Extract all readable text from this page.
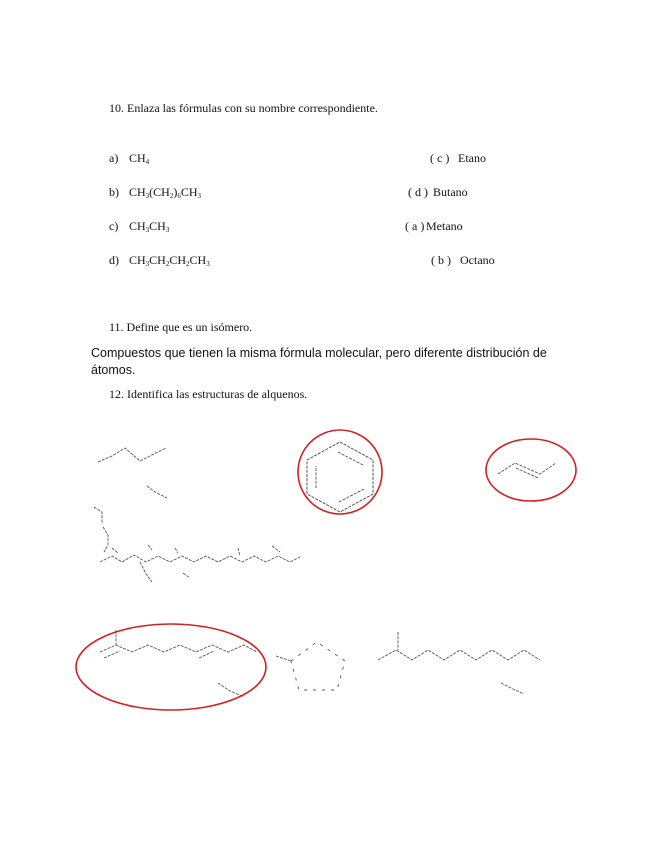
10. Enlaza las fórmulas con su nombre correspondiente.
a) $CH_4$	( c ) Etano
b) $CH_3(CH_2)_6CH_3$	( d ) Butano
c) $CH_3CH_3$	( a ) Metano
d) $CH_3CH_2CH_2CH_3$	( b ) Octano
11. Define que es un isómero.
Compuestos que tienen la misma fórmula molecular, pero diferente distribución de átomos.
12. Identifica las estructuras de alquenos.
